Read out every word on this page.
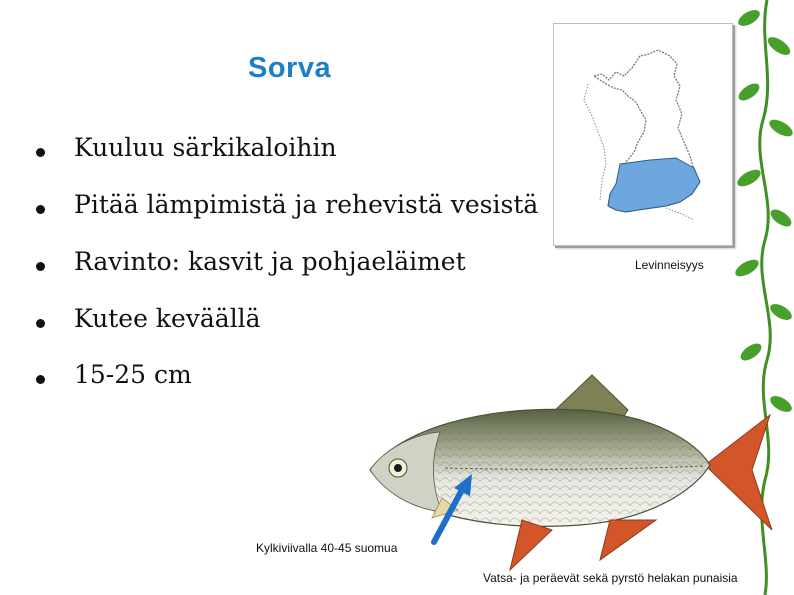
Sorva
Kuuluu särkikaloihin
Pitää lämpimistä ja rehevistä vesistä
Ravinto: kasvit ja pohjaeläimet
Kutee keväällä
15-25 cm
Levinneisyys
Kylkiviivalla 40-45 suomua
Vatsa- ja peräevät sekä pyrstö helakan punaisia
